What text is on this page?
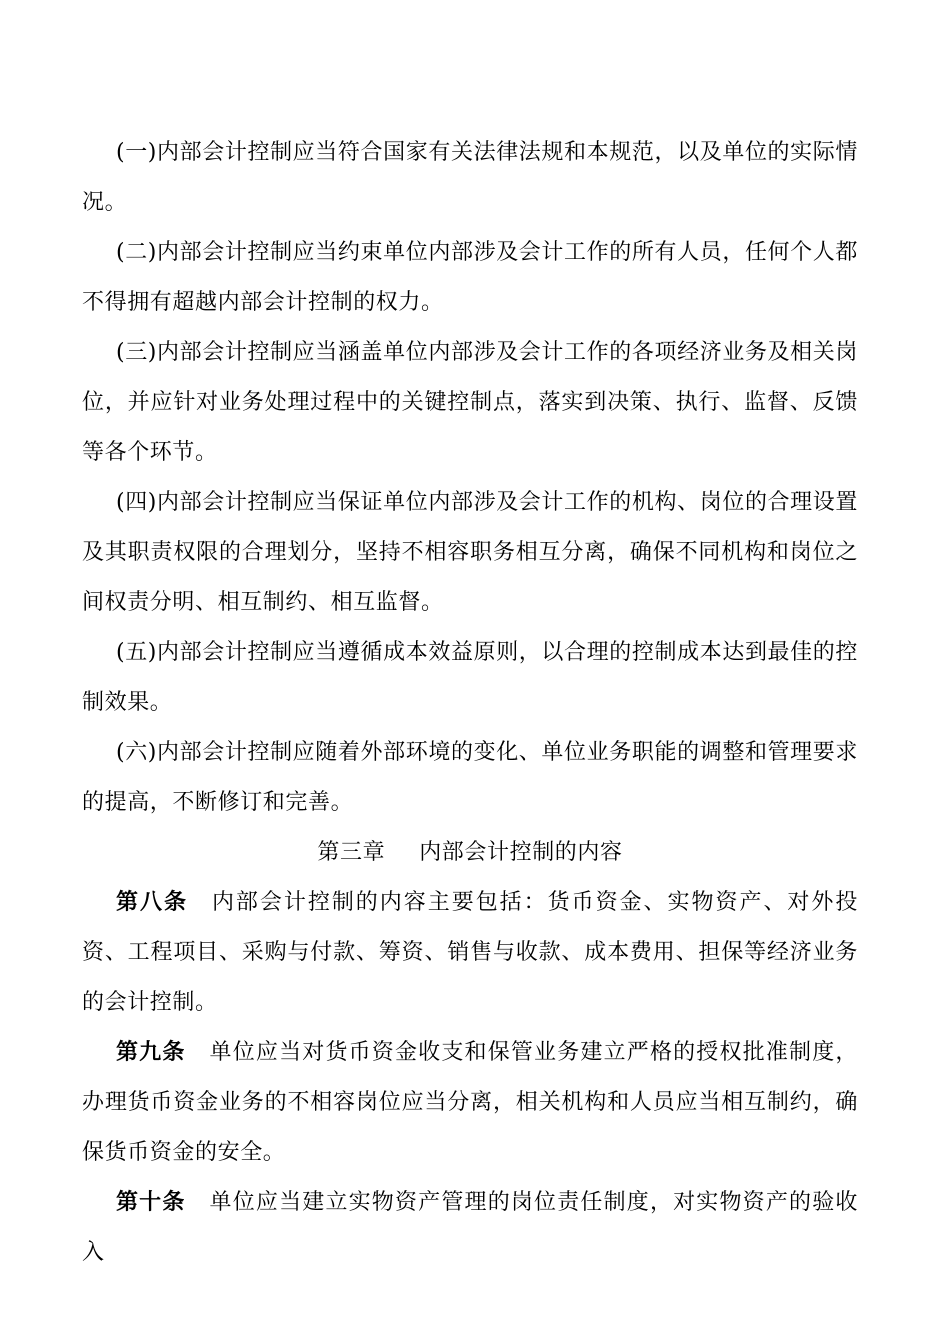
(一)内部会计控制应当符合国家有关法律法规和本规范，以及单位的实际情况。

(二)内部会计控制应当约束单位内部涉及会计工作的所有人员，任何个人都不得拥有超越内部会计控制的权力。

(三)内部会计控制应当涵盖单位内部涉及会计工作的各项经济业务及相关岗位，并应针对业务处理过程中的关键控制点，落实到决策、执行、监督、反馈等各个环节。

(四)内部会计控制应当保证单位内部涉及会计工作的机构、岗位的合理设置及其职责权限的合理划分，坚持不相容职务相互分离，确保不同机构和岗位之间权责分明、相互制约、相互监督。

(五)内部会计控制应当遵循成本效益原则，以合理的控制成本达到最佳的控制效果。

(六)内部会计控制应随着外部环境的变化、单位业务职能的调整和管理要求的提高，不断修订和完善。

第三章 内部会计控制的内容

第八条 内部会计控制的内容主要包括：货币资金、实物资产、对外投资、工程项目、采购与付款、筹资、销售与收款、成本费用、担保等经济业务的会计控制。

第九条 单位应当对货币资金收支和保管业务建立严格的授权批准制度，办理货币资金业务的不相容岗位应当分离，相关机构和人员应当相互制约，确保货币资金的安全。

第十条 单位应当建立实物资产管理的岗位责任制度，对实物资产的验收入
